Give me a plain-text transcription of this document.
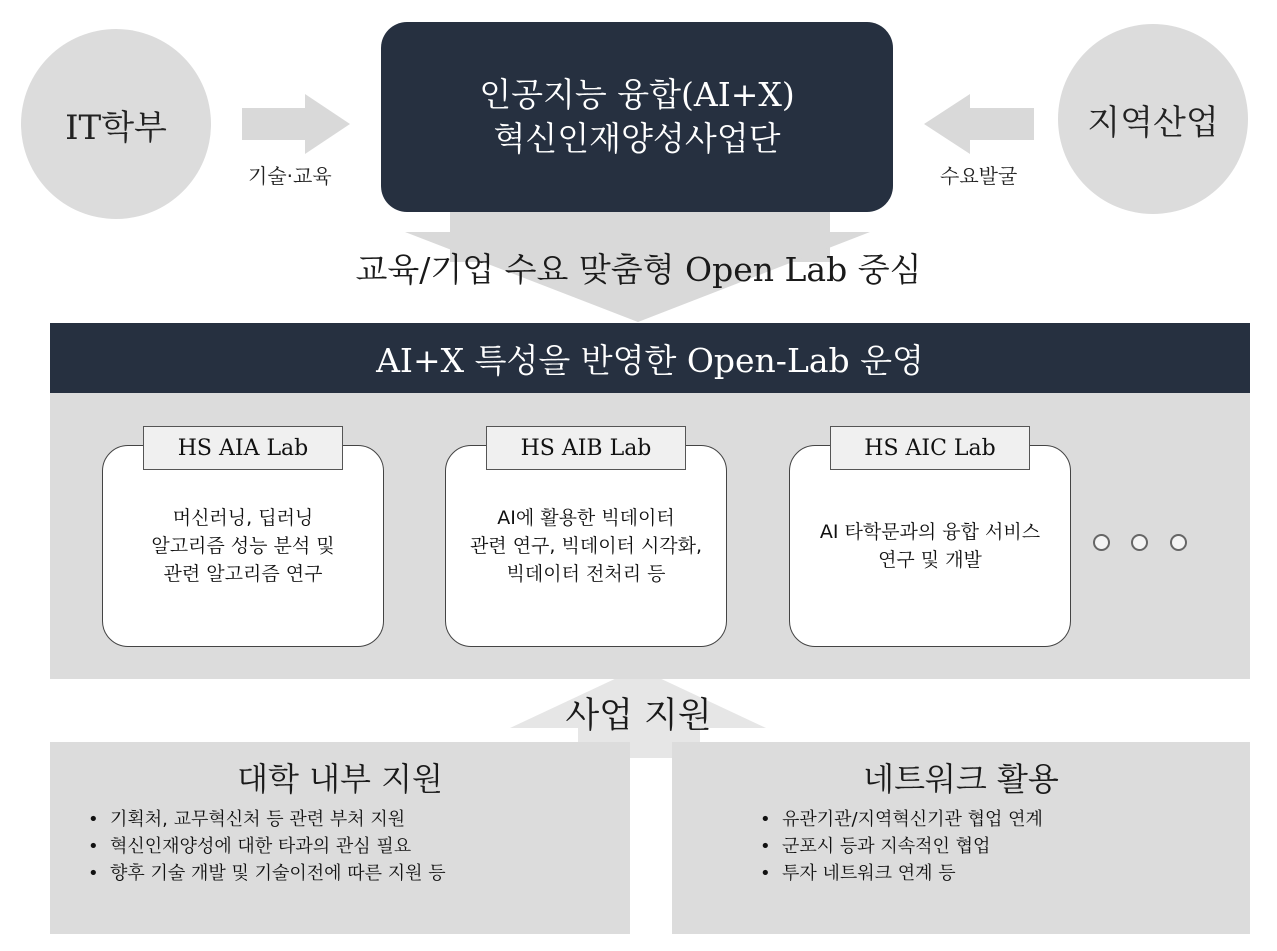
IT학부	지역산업
인공지능 융합(AI+X)
혁신인재양성사업단
기술·교육	수요발굴
교육/기업 수요 맞춤형 Open Lab 중심
AI+X 특성을 반영한 Open-Lab 운영
머신러닝, 딥러닝
알고리즘 성능 분석 및
관련 알고리즘 연구
HS AIA Lab
AI에 활용한 빅데이터
관련 연구, 빅데이터 시각화,
빅데이터 전처리 등
HS AIB Lab
AI 타학문과의 융합 서비스
연구 및 개발
HS AIC Lab
사업 지원
대학 내부 지원
• 기획처, 교무혁신처 등 관련 부처 지원
• 혁신인재양성에 대한 타과의 관심 필요
• 향후 기술 개발 및 기술이전에 따른 지원 등
네트워크 활용
• 유관기관/지역혁신기관 협업 연계
• 군포시 등과 지속적인 협업
• 투자 네트워크 연계 등
